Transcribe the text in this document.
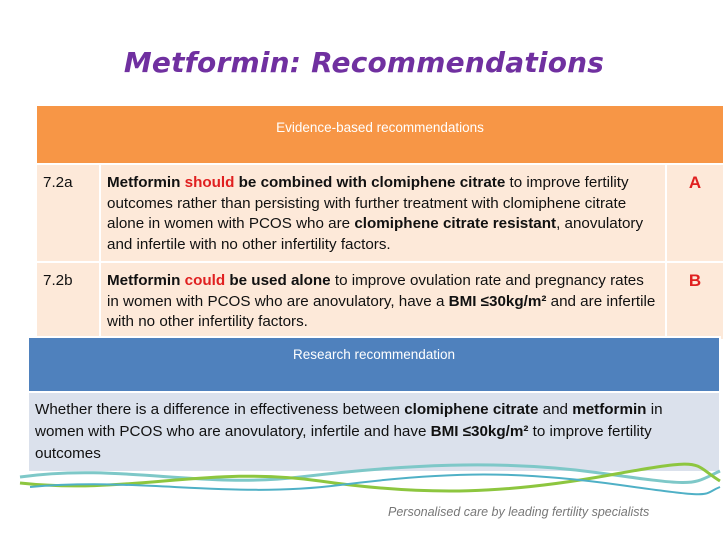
Metformin: Recommendations
Evidence-based recommendations		
7.2a	Metformin should be combined with clomiphene citrate to improve fertility outcomes rather than persisting with further treatment with clomiphene citrate alone in women with PCOS who are clomiphene citrate resistant, anovulatory and infertile with no other infertility factors.	A
7.2b	Metformin could be used alone to improve ovulation rate and pregnancy rates in women with PCOS who are anovulatory, have a BMI ≤30kg/m² and are infertile with no other infertility factors.	B
Research recommendation
Whether there is a difference in effectiveness between clomiphene citrate and metformin in women with PCOS who are anovulatory, infertile and have BMI ≤30kg/m² to improve fertility outcomes
Personalised care by leading fertility specialists
